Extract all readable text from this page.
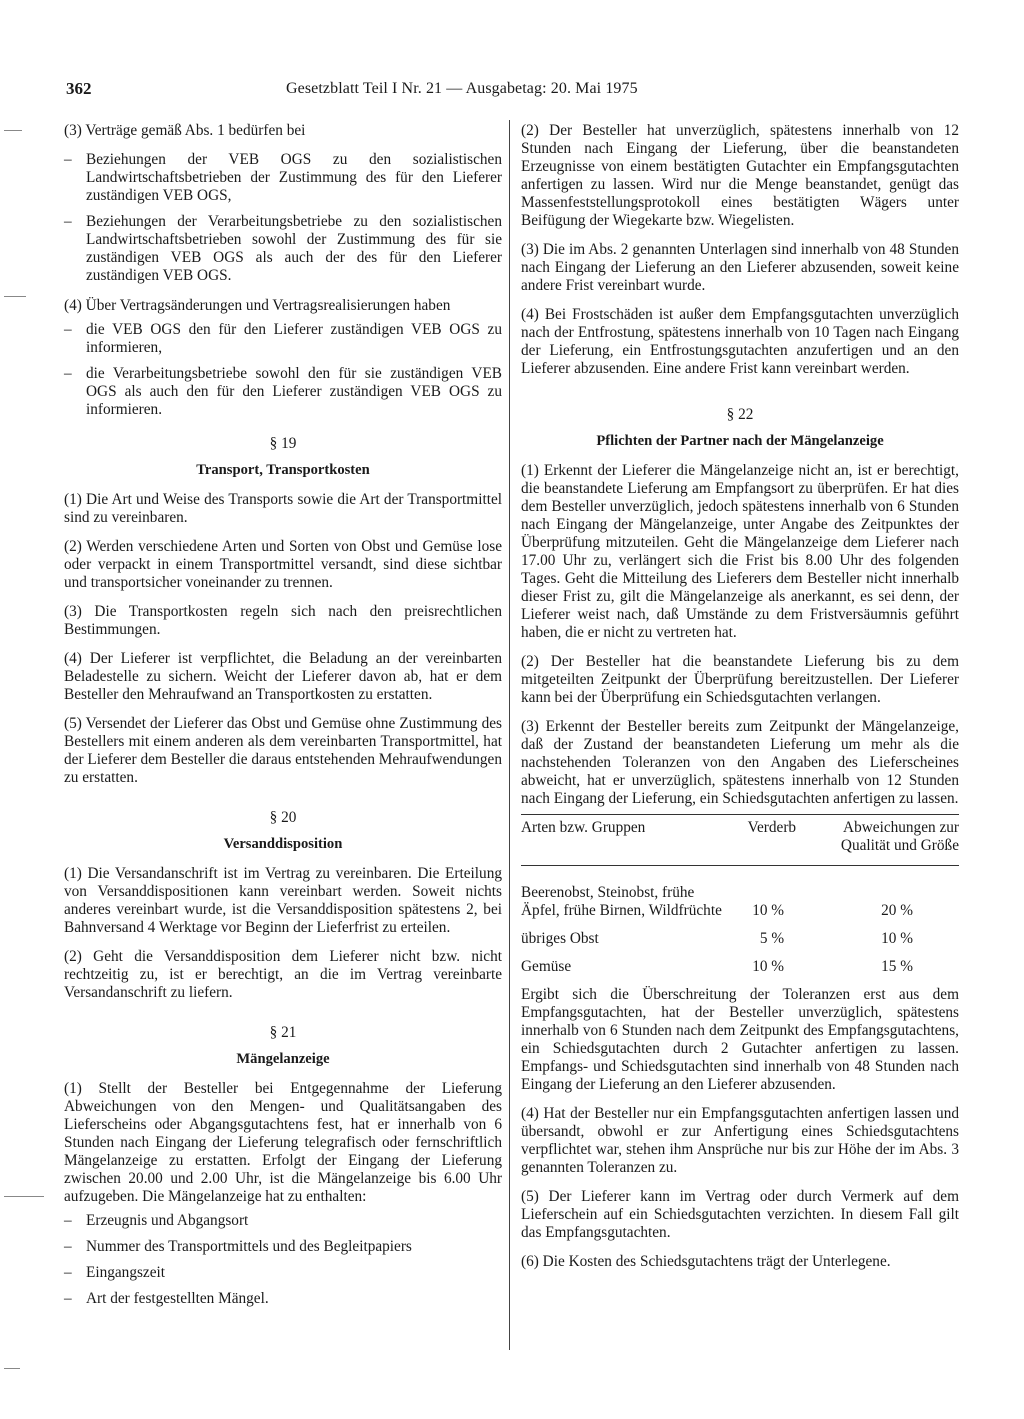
362	Gesetzblatt Teil I Nr. 21 — Ausgabetag: 20. Mai 1975

(3) Verträge gemäß Abs. 1 bedürfen bei

– Beziehungen der VEB OGS zu den sozialistischen Landwirtschaftsbetrieben der Zustimmung des für den Lieferer zuständigen VEB OGS,
– Beziehungen der Verarbeitungsbetriebe zu den sozialistischen Landwirtschaftsbetrieben sowohl der Zustimmung des für sie zuständigen VEB OGS als auch der des für den Lieferer zuständigen VEB OGS.

(4) Über Vertragsänderungen und Vertragsrealisierungen haben

– die VEB OGS den für den Lieferer zuständigen VEB OGS zu informieren,
– die Verarbeitungsbetriebe sowohl den für sie zuständigen VEB OGS als auch den für den Lieferer zuständigen VEB OGS zu informieren.
§ 19
Transport, Transportkosten

(1) Die Art und Weise des Transports sowie die Art der Transportmittel sind zu vereinbaren.

(2) Werden verschiedene Arten und Sorten von Obst und Gemüse lose oder verpackt in einem Transportmittel versandt, sind diese sichtbar und transportsicher voneinander zu trennen.

(3) Die Transportkosten regeln sich nach den preisrechtlichen Bestimmungen.

(4) Der Lieferer ist verpflichtet, die Beladung an der vereinbarten Beladestelle zu sichern. Weicht der Lieferer davon ab, hat er dem Besteller den Mehraufwand an Transportkosten zu erstatten.

(5) Versendet der Lieferer das Obst und Gemüse ohne Zustimmung des Bestellers mit einem anderen als dem vereinbarten Transportmittel, hat der Lieferer dem Besteller die daraus entstehenden Mehraufwendungen zu erstatten.

§ 20
Versanddisposition

(1) Die Versandanschrift ist im Vertrag zu vereinbaren. Die Erteilung von Versanddispositionen kann vereinbart werden. Soweit nichts anderes vereinbart wurde, ist die Versanddisposition spätestens 2, bei Bahnversand 4 Werktage vor Beginn der Lieferfrist zu erteilen.

(2) Geht die Versanddisposition dem Lieferer nicht bzw. nicht rechtzeitig zu, ist er berechtigt, an die im Vertrag vereinbarte Versandanschrift zu liefern.

§ 21
Mängelanzeige

(1) Stellt der Besteller bei Entgegennahme der Lieferung Abweichungen von den Mengen- und Qualitätsangaben des Lieferscheins oder Abgangsgutachtens fest, hat er innerhalb von 6 Stunden nach Eingang der Lieferung telegrafisch oder fernschriftlich Mängelanzeige zu erstatten. Erfolgt der Eingang der Lieferung zwischen 20.00 und 2.00 Uhr, ist die Mängelanzeige bis 6.00 Uhr aufzugeben. Die Mängelanzeige hat zu enthalten:

– Erzeugnis und Abgangsort
– Nummer des Transportmittels und des Begleitpapiers
– Eingangszeit
– Art der festgestellten Mängel.

(2) Der Besteller hat unverzüglich, spätestens innerhalb von 12 Stunden nach Eingang der Lieferung, über die beanstandeten Erzeugnisse von einem bestätigten Gutachter ein Empfangsgutachten anfertigen zu lassen. Wird nur die Menge beanstandet, genügt das Massenfeststellungsprotokoll eines bestätigten Wägers unter Beifügung der Wiegekarte bzw. Wiegelisten.

(3) Die im Abs. 2 genannten Unterlagen sind innerhalb von 48 Stunden nach Eingang der Lieferung an den Lieferer abzusenden, soweit keine andere Frist vereinbart wurde.

(4) Bei Frostschäden ist außer dem Empfangsgutachten unverzüglich nach der Entfrostung, spätestens innerhalb von 10 Tagen nach Eingang der Lieferung, ein Entfrostungsgutachten anzufertigen und an den Lieferer abzusenden. Eine andere Frist kann vereinbart werden.

§ 22
Pflichten der Partner nach der Mängelanzeige

(1) Erkennt der Lieferer die Mängelanzeige nicht an, ist er berechtigt, die beanstandete Lieferung am Empfangsort zu überprüfen. Er hat dies dem Besteller unverzüglich, jedoch spätestens innerhalb von 6 Stunden nach Eingang der Mängelanzeige, unter Angabe des Zeitpunktes der Überprüfung mitzuteilen. Geht die Mängelanzeige dem Lieferer nach 17.00 Uhr zu, verlängert sich die Frist bis 8.00 Uhr des folgenden Tages. Geht die Mitteilung des Lieferers dem Besteller nicht innerhalb dieser Frist zu, gilt die Mängelanzeige als anerkannt, es sei denn, der Lieferer weist nach, daß Umstände zu dem Fristversäumnis geführt haben, die er nicht zu vertreten hat.

(2) Der Besteller hat die beanstandete Lieferung bis zu dem mitgeteilten Zeitpunkt der Überprüfung bereitzustellen. Der Lieferer kann bei der Überprüfung ein Schiedsgutachten verlangen.

(3) Erkennt der Besteller bereits zum Zeitpunkt der Mängelanzeige, daß der Zustand der beanstandeten Lieferung um mehr als die nachstehenden Toleranzen von den Angaben des Lieferscheines abweicht, hat er unverzüglich, spätestens innerhalb von 12 Stunden nach Eingang der Lieferung, ein Schiedsgutachten anfertigen zu lassen.

Arten bzw. Gruppen	Verderb	Abweichungen zur Qualität und Größe
Beerenobst, Steinobst, frühe Äpfel, frühe Birnen, Wildfrüchte	10 %	20 %
übriges Obst	5 %	10 %
Gemüse	10 %	15 %

Ergibt sich die Überschreitung der Toleranzen erst aus dem Empfangsgutachten, hat der Besteller unverzüglich, spätestens innerhalb von 6 Stunden nach dem Zeitpunkt des Empfangsgutachtens, ein Schiedsgutachten durch 2 Gutachter anfertigen zu lassen. Empfangs- und Schiedsgutachten sind innerhalb von 48 Stunden nach Eingang der Lieferung an den Lieferer abzusenden.

(4) Hat der Besteller nur ein Empfangsgutachten anfertigen lassen und übersandt, obwohl er zur Anfertigung eines Schiedsgutachtens verpflichtet war, stehen ihm Ansprüche nur bis zur Höhe der im Abs. 3 genannten Toleranzen zu.

(5) Der Lieferer kann im Vertrag oder durch Vermerk auf dem Lieferschein auf ein Schiedsgutachten verzichten. In diesem Fall gilt das Empfangsgutachten.

(6) Die Kosten des Schiedsgutachtens trägt der Unterlegene.
